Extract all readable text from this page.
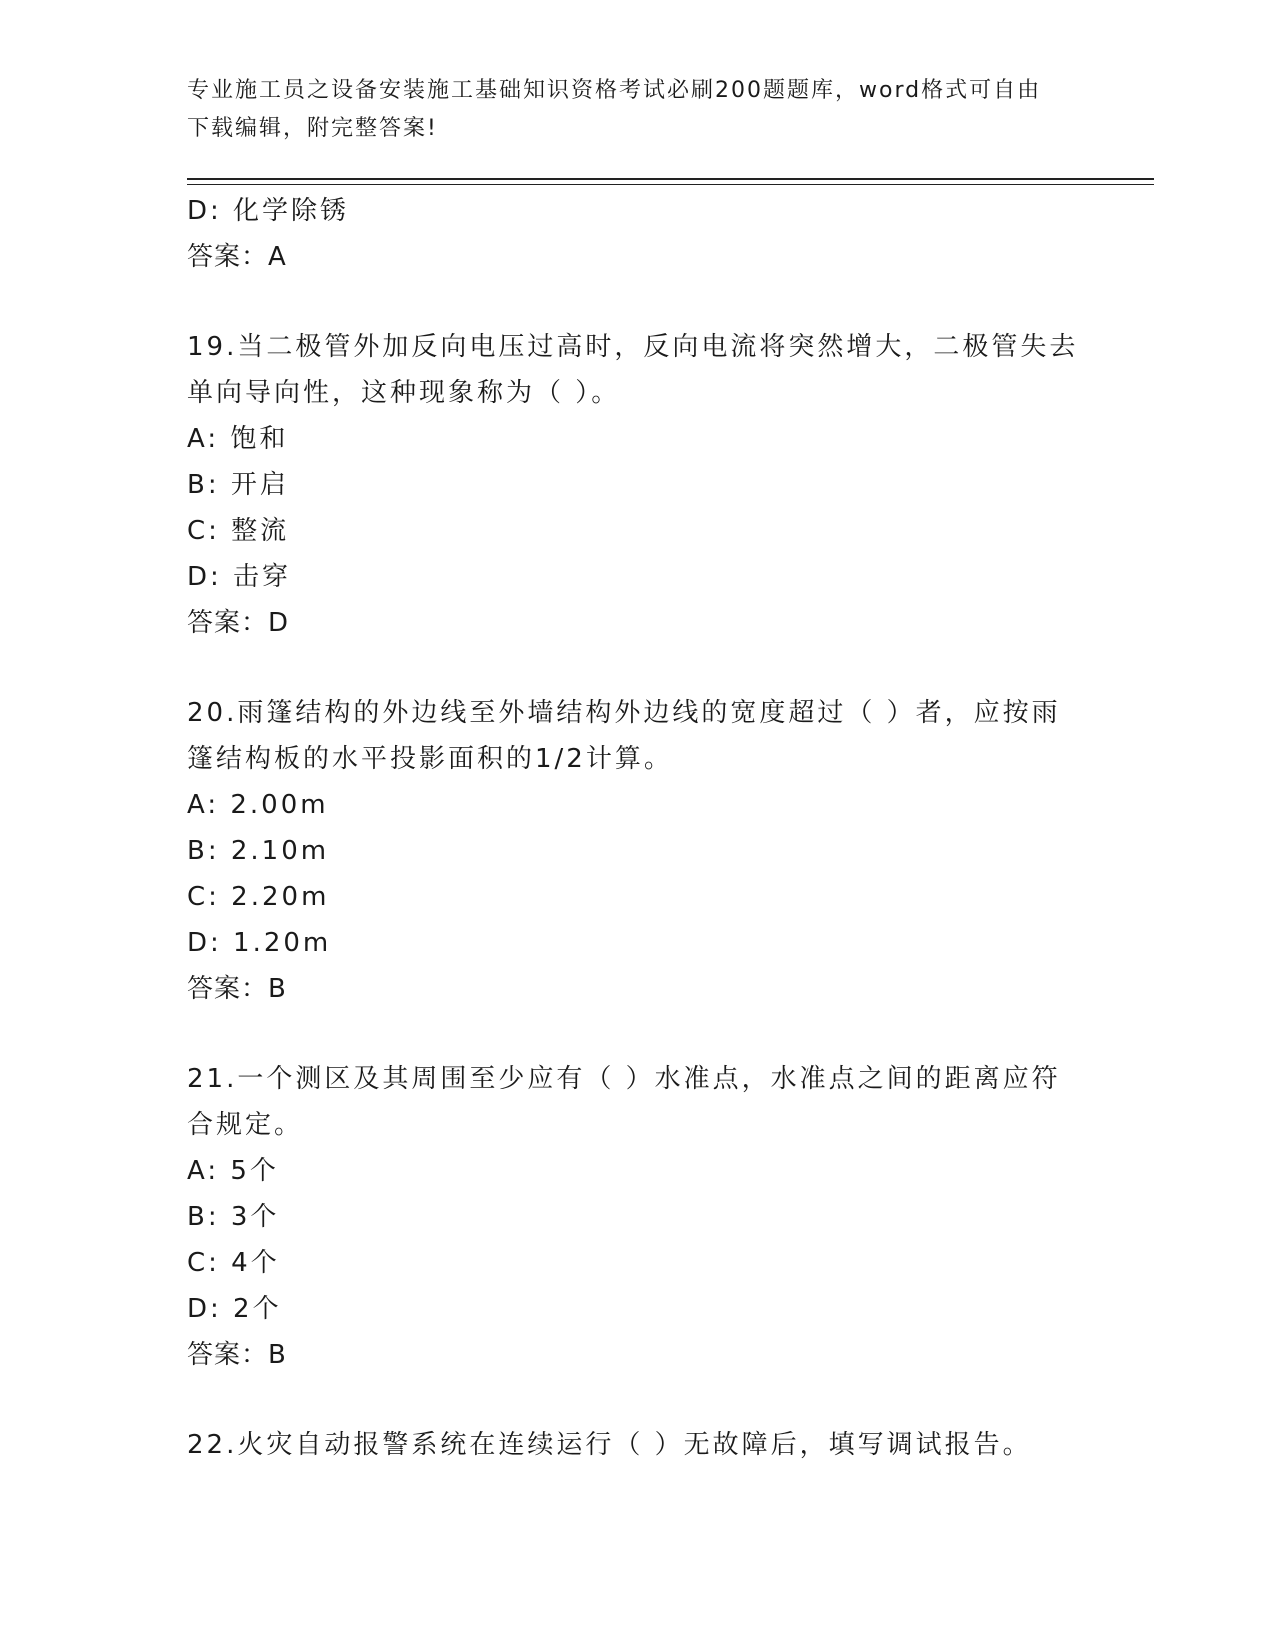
专业施工员之设备安装施工基础知识资格考试必刷200题题库，word格式可自由
下载编辑，附完整答案!
D: 化学除锈
答案：A
19.当二极管外加反向电压过高时，反向电流将突然增大，二极管失去
单向导向性，这种现象称为（ ）。
A: 饱和
B: 开启
C: 整流
D: 击穿
答案：D
20.雨篷结构的外边线至外墙结构外边线的宽度超过（ ）者，应按雨
篷结构板的水平投影面积的1/2计算。
A: 2.00m
B: 2.10m
C: 2.20m
D: 1.20m
答案：B
21.一个测区及其周围至少应有（ ）水准点，水准点之间的距离应符
合规定。
A: 5个
B: 3个
C: 4个
D: 2个
答案：B
22.火灾自动报警系统在连续运行（ ）无故障后，填写调试报告。
